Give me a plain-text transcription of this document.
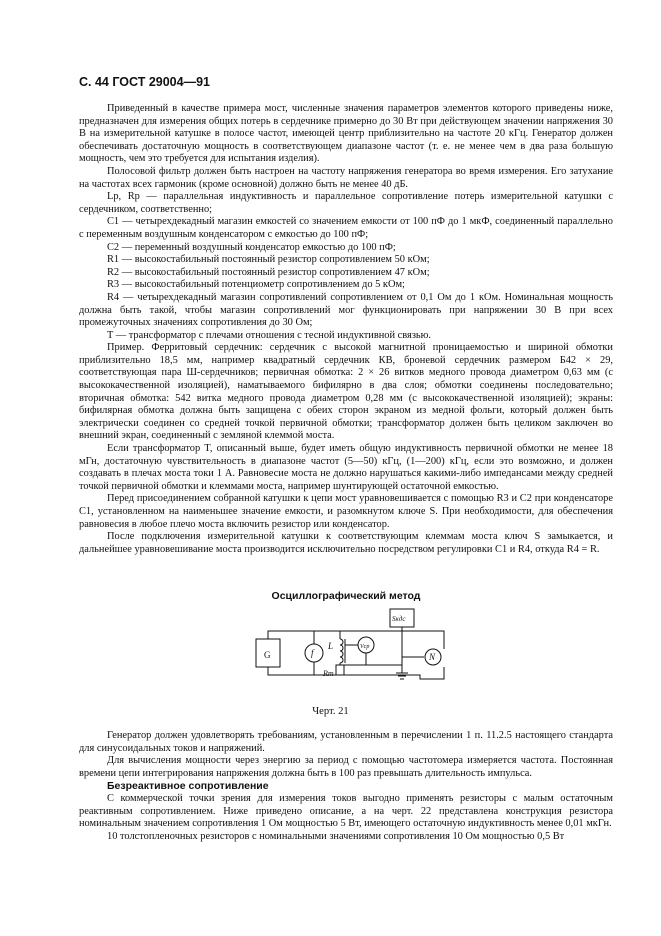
С. 44 ГОСТ 29004—91

Приведенный в качестве примера мост, численные значения параметров элементов которого приведены ниже, предназначен для измерения общих потерь в сердечнике примерно до 30 Вт при действующем значении напряжения 30 В на измерительной катушке в полосе частот, имеющей центр приблизительно на частоте 20 кГц. Генератор должен обеспечивать достаточную мощность в соответствующем диапазоне частот (т. е. не менее чем в два раза большую мощность, чем это требуется для испытания изделия).

Полосовой фильтр должен быть настроен на частоту напряжения генератора во время измерения. Его затухание на частотах всех гармоник (кроме основной) должно быть не менее 40 дБ.

Lp, Rp — параллельная индуктивность и параллельное сопротивление потерь измерительной катушки с сердечником, соответственно;

C1 — четырехдекадный магазин емкостей со значением емкости от 100 пФ до 1 мкФ, соединенный параллельно с переменным воздушным конденсатором с емкостью до 100 пФ;

C2 — переменный воздушный конденсатор емкостью до 100 пФ;

R1 — высокостабильный постоянный резистор сопротивлением 50 кОм;

R2 — высокостабильный постоянный резистор сопротивлением 47 кОм;

R3 — высокостабильный потенциометр сопротивлением до 5 кОм;

R4 — четырехдекадный магазин сопротивлений сопротивлением от 0,1 Ом до 1 кОм. Номинальная мощность должна быть такой, чтобы магазин сопротивлений мог функционировать при напряжении 30 В при всех промежуточных значениях сопротивления до 30 Ом;

T — трансформатор с плечами отношения с тесной индуктивной связью.

Пример. Ферритовый сердечник: сердечник с высокой магнитной проницаемостью и шириной обмотки приблизительно 18,5 мм, например квадратный сердечник КВ, броневой сердечник размером Б42 × 29, соответствующая пара Ш-сердечников; первичная обмотка: 2 × 26 витков медного провода диаметром 0,63 мм (с высококачественной изоляцией), наматываемого бифилярно в два слоя; обмотки соединены последовательно; вторичная обмотка: 542 витка медного провода диаметром 0,28 мм (с высококачественной изоляцией); экраны: бифилярная обмотка должна быть защищена с обеих сторон экраном из медной фольги, который должен быть электрически соединен со средней точкой первичной обмотки; трансформатор должен быть целиком заключен во внешний экран, соединенный с земляной клеммой моста.

Если трансформатор T, описанный выше, будет иметь общую индуктивность первичной обмотки не менее 18 мГн, достаточную чувствительность в диапазоне частот (5—50) кГц, (1—200) кГц, если это возможно, и должен создавать в плечах моста токи 1 А. Равновесие моста не должно нарушаться какими-либо импедансами между средней точкой первичной обмотки и клеммами моста, например шунтирующей остаточной емкостью.

Перед присоединением собранной катушки к цепи мост уравновешивается с помощью R3 и C2 при конденсаторе C1, установленном на наименьшее значение емкости, и разомкнутом ключе S. При необходимости, для обеспечения равновесия в любое плечо моста включить резистор или конденсатор.

После подключения измерительной катушки к соответствующим клеммам моста ключ S замыкается, и дальнейшее уравновешивание моста производится исключительно посредством регулировки C1 и R4, откуда R4 = R.

Осциллографический метод

G	f
L
Rт
Vcp
Sкдс
N
Черт. 21

Генератор должен удовлетворять требованиям, установленным в перечислении 1 п. 11.2.5 настоящего стандарта для синусоидальных токов и напряжений.

Для вычисления мощности через энергию за период с помощью частотомера измеряется частота. Постоянная времени цепи интегрирования напряжения должна быть в 100 раз превышать длительность импульса.

Безреактивное сопротивление

С коммерческой точки зрения для измерения токов выгодно применять резисторы с малым остаточным реактивным сопротивлением. Ниже приведено описание, а на черт. 22 представлена конструкция резистора номинальным значением сопротивления 1 Ом мощностью 5 Вт, имеющего остаточную индуктивность менее 0,01 мкГн.

10 толстопленочных резисторов с номинальными значениями сопротивления 10 Ом мощностью 0,5 Вт
